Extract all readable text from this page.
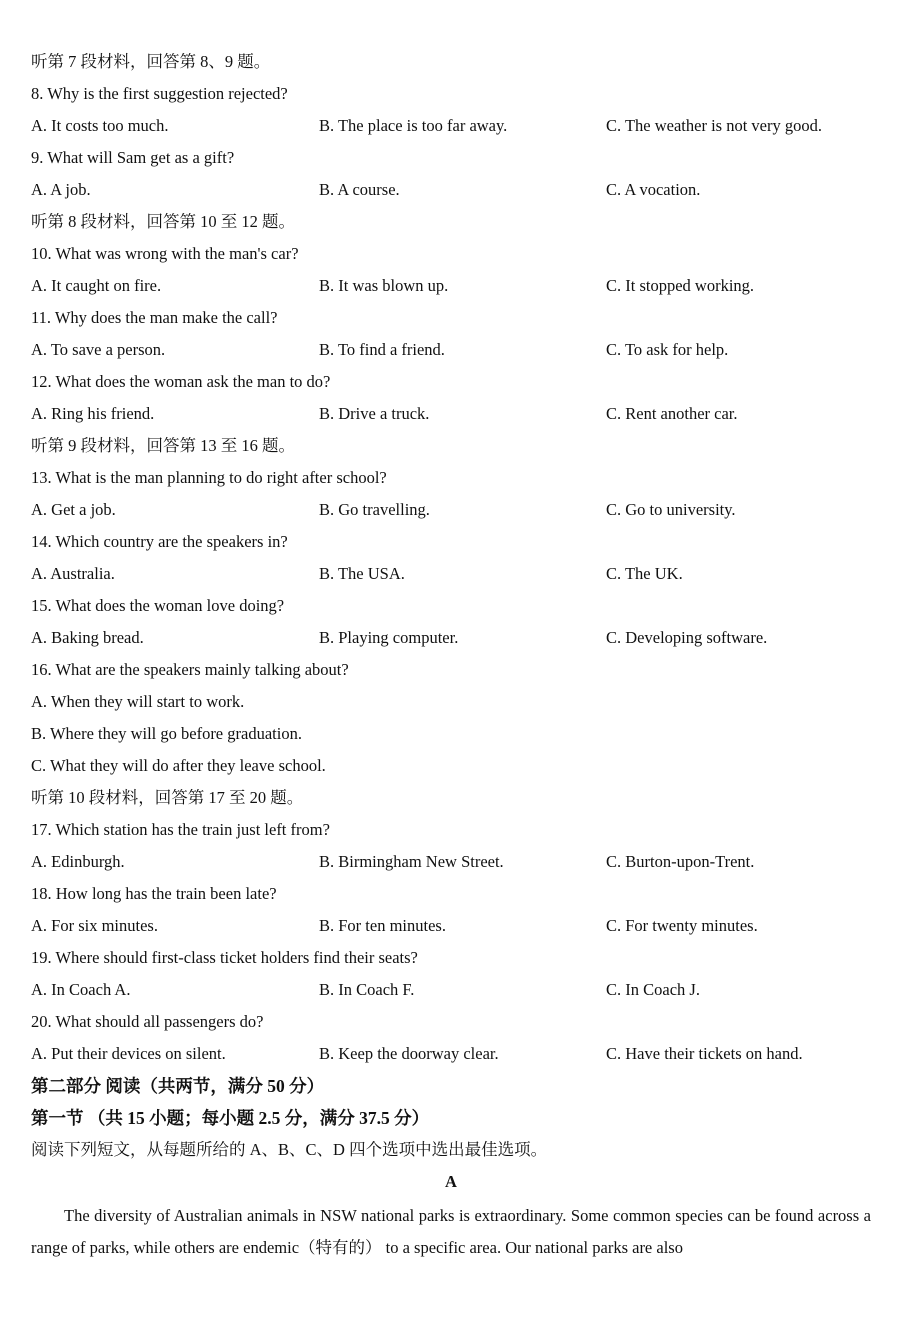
听第 7 段材料，回答第 8、9 题。
8. Why is the first suggestion rejected?
A. It costs too much.	B. The place is too far away.	C. The weather is not very good.
9. What will Sam get as a gift?
A. A job.	B. A course.	C. A vocation.
听第 8 段材料，回答第 10 至 12 题。
10. What was wrong with the man's car?
A. It caught on fire.	B. It was blown up.	C. It stopped working.
11. Why does the man make the call?
A. To save a person.	B. To find a friend.	C. To ask for help.
12. What does the woman ask the man to do?
A. Ring his friend.	B. Drive a truck.	C. Rent another car.
听第 9 段材料，回答第 13 至 16 题。
13. What is the man planning to do right after school?
A. Get a job.	B. Go travelling.	C. Go to university.
14. Which country are the speakers in?
A. Australia.	B. The USA.	C. The UK.
15. What does the woman love doing?
A. Baking bread.	B. Playing computer.	C. Developing software.
16. What are the speakers mainly talking about?
A. When they will start to work.
B. Where they will go before graduation.
C. What they will do after they leave school.
听第 10 段材料，回答第 17 至 20 题。
17. Which station has the train just left from?
A. Edinburgh.	B. Birmingham New Street.	C. Burton-upon-Trent.
18. How long has the train been late?
A. For six minutes.	B. For ten minutes.	C. For twenty minutes.
19. Where should first-class ticket holders find their seats?
A. In Coach A.	B. In Coach F.	C. In Coach J.
20. What should all passengers do?
A. Put their devices on silent.	B. Keep the doorway clear.	C. Have their tickets on hand.
第二部分 阅读（共两节，满分 50 分）
第一节 （共 15 小题；每小题 2.5 分，满分 37.5 分）
阅读下列短文，从每题所给的 A、B、C、D 四个选项中选出最佳选项。
A
The diversity of Australian animals in NSW national parks is extraordinary. Some common species can be found across a range of parks, while others are endemic（特有的） to a specific area. Our national parks are also
